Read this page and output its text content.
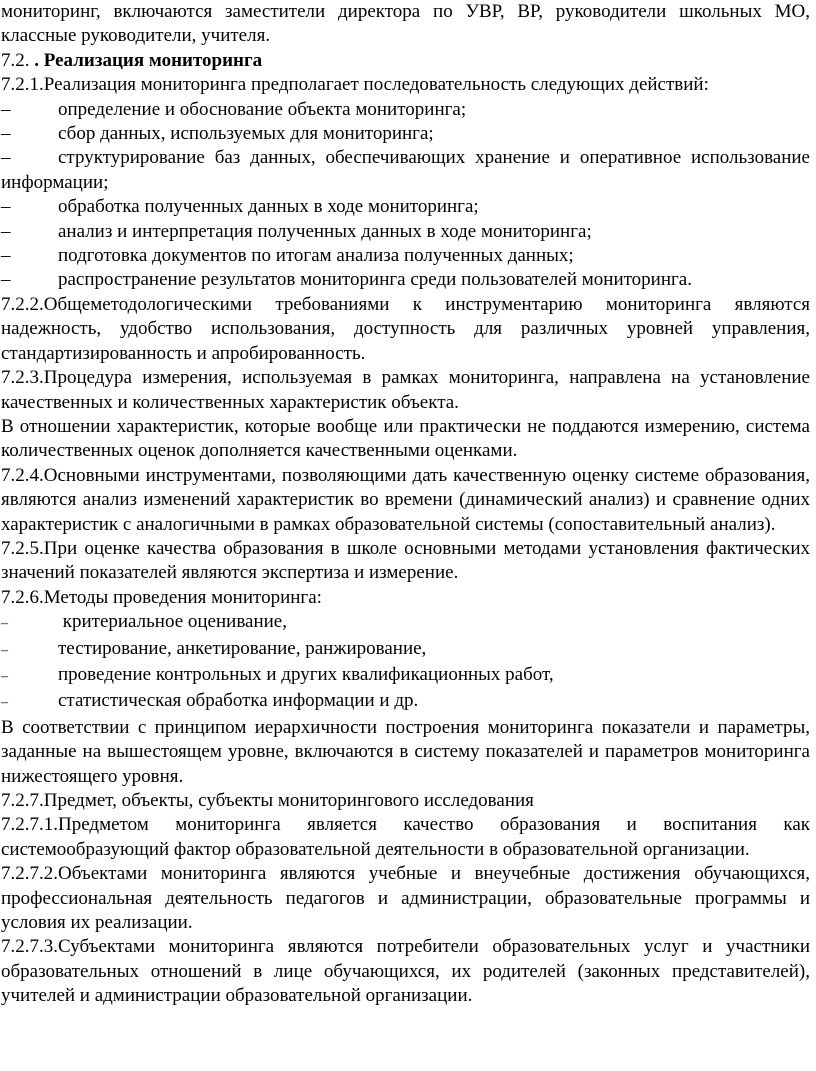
мониторинг, включаются заместители директора по УВР, ВР, руководители школьных МО, классные руководители, учителя.

7.2. . Реализация мониторинга

7.2.1.Реализация мониторинга предполагает последовательность следующих действий:

–	определение и обоснование объекта мониторинга;

–	сбор данных, используемых для мониторинга;

–	структурирование баз данных, обеспечивающих хранение и оперативное использование информации;

–	обработка полученных данных в ходе мониторинга;

–	анализ и интерпретация полученных данных в ходе мониторинга;

–	подготовка документов по итогам анализа полученных данных;

–	распространение результатов мониторинга среди пользователей мониторинга.

7.2.2.Общеметодологическими требованиями к инструментарию мониторинга являются надежность, удобство использования, доступность для различных уровней управления, стандартизированность и апробированность.

7.2.3.Процедура измерения, используемая в рамках мониторинга, направлена на установление качественных и количественных характеристик объекта.

В отношении характеристик, которые вообще или практически не поддаются измерению, система количественных оценок дополняется качественными оценками.

7.2.4.Основными инструментами, позволяющими дать качественную оценку системе образования, являются анализ изменений характеристик во времени (динамический анализ) и сравнение одних характеристик с аналогичными в рамках образовательной системы (сопоставительный анализ).

7.2.5.При оценке качества образования в школе основными методами установления фактических значений показателей являются экспертиза и измерение.

7.2.6.Методы проведения мониторинга:

–	критериальное оценивание,

–	тестирование, анкетирование, ранжирование,

–	проведение контрольных и других квалификационных работ,

–	статистическая обработка информации и др.

В соответствии с принципом иерархичности построения мониторинга показатели и параметры, заданные на вышестоящем уровне, включаются в систему показателей и параметров мониторинга нижестоящего уровня.

7.2.7.Предмет, объекты, субъекты мониторингового исследования

7.2.7.1.Предметом мониторинга является качество образования и воспитания как системообразующий фактор образовательной деятельности в образовательной организации.

7.2.7.2.Объектами мониторинга являются учебные и внеучебные достижения обучающихся, профессиональная деятельность педагогов и администрации, образовательные программы и условия их реализации.

7.2.7.3.Субъектами мониторинга являются потребители образовательных услуг и участники образовательных отношений в лице обучающихся, их родителей (законных представителей), учителей и администрации образовательной организации.
